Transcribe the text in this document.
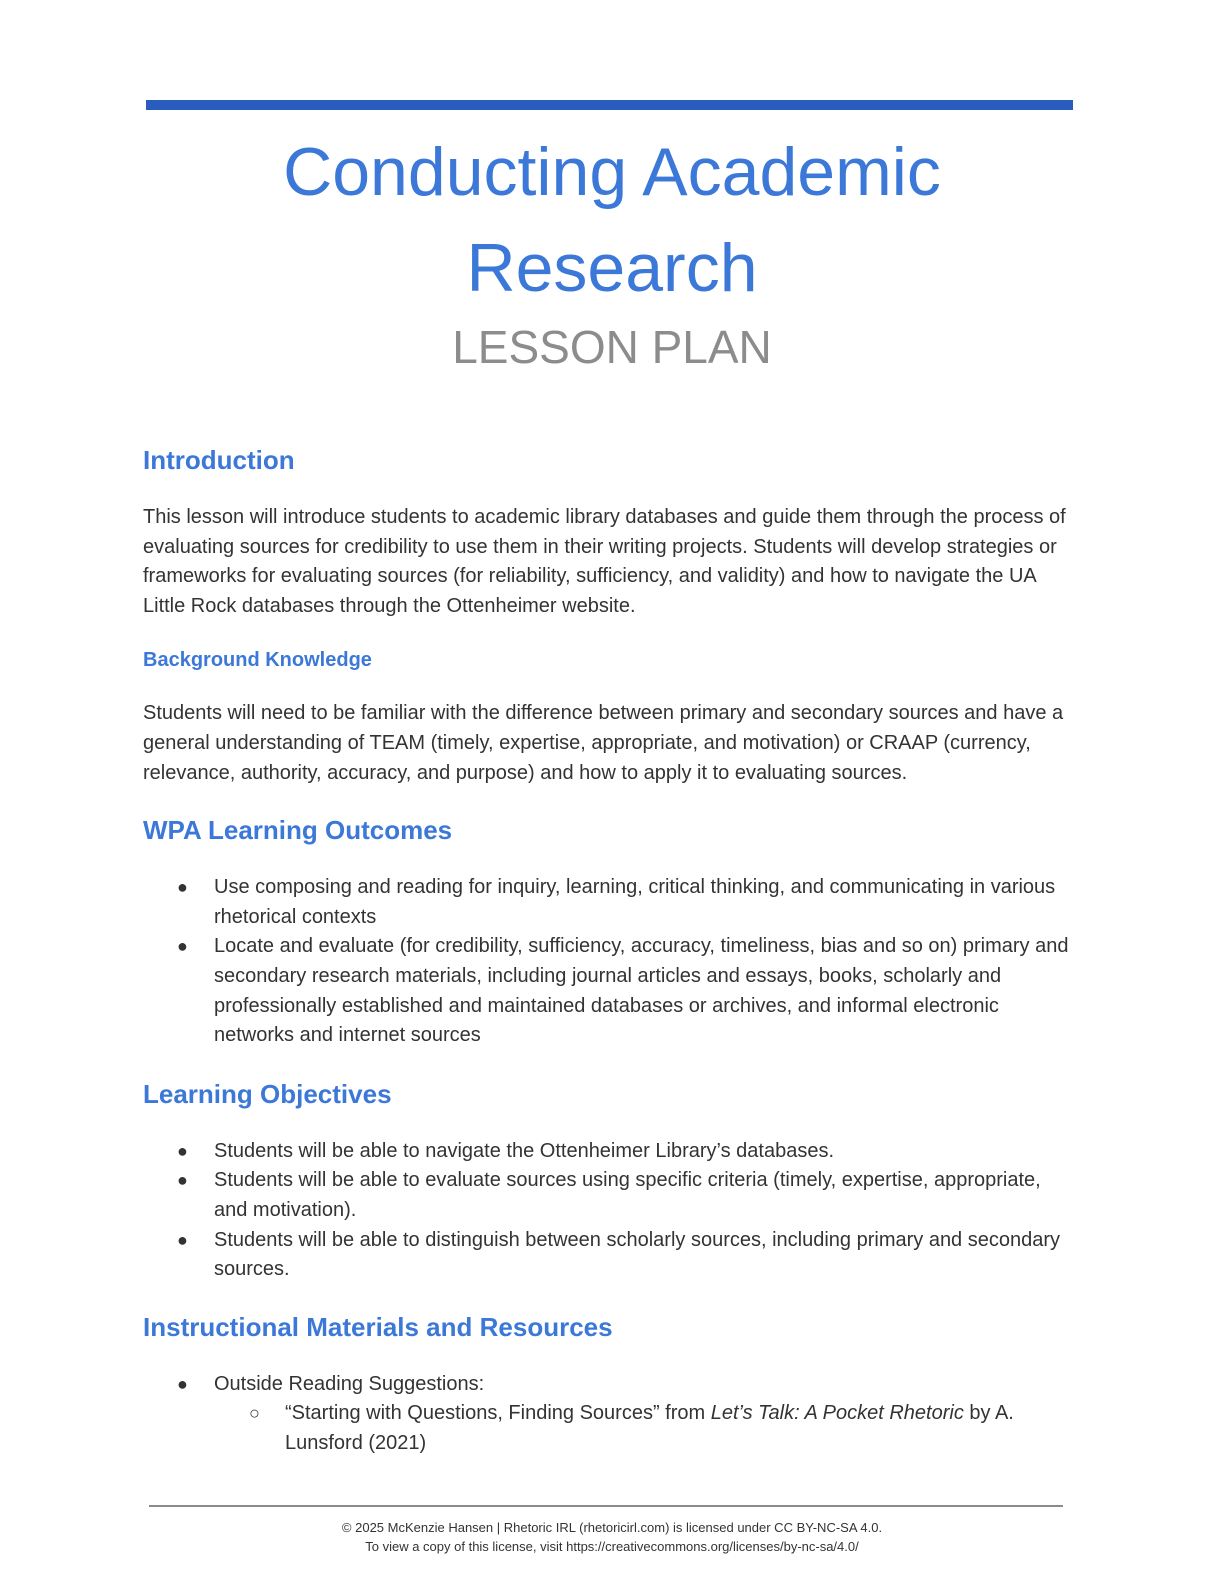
Conducting Academic
Research
LESSON PLAN
Introduction

This lesson will introduce students to academic library databases and guide them through the process of evaluating sources for credibility to use them in their writing projects. Students will develop strategies or frameworks for evaluating sources (for reliability, sufficiency, and validity) and how to navigate the UA Little Rock databases through the Ottenheimer website.

Background Knowledge

Students will need to be familiar with the difference between primary and secondary sources and have a general understanding of TEAM (timely, expertise, appropriate, and motivation) or CRAAP (currency, relevance, authority, accuracy, and purpose) and how to apply it to evaluating sources.

WPA Learning Outcomes
● Use composing and reading for inquiry, learning, critical thinking, and communicating in various rhetorical contexts
● Locate and evaluate (for credibility, sufficiency, accuracy, timeliness, bias and so on) primary and secondary research materials, including journal articles and essays, books, scholarly and professionally established and maintained databases or archives, and informal electronic networks and internet sources
Learning Objectives
● Students will be able to navigate the Ottenheimer Library’s databases.
● Students will be able to evaluate sources using specific criteria (timely, expertise, appropriate, and motivation).
● Students will be able to distinguish between scholarly sources, including primary and secondary sources.
Instructional Materials and Resources
● Outside Reading Suggestions:
○ “Starting with Questions, Finding Sources” from Let’s Talk: A Pocket Rhetoric by A. Lunsford (2021)
© 2025 McKenzie Hansen | Rhetoric IRL (rhetoricirl.com) is licensed under CC BY-NC-SA 4.0.
To view a copy of this license, visit https://creativecommons.org/licenses/by-nc-sa/4.0/
